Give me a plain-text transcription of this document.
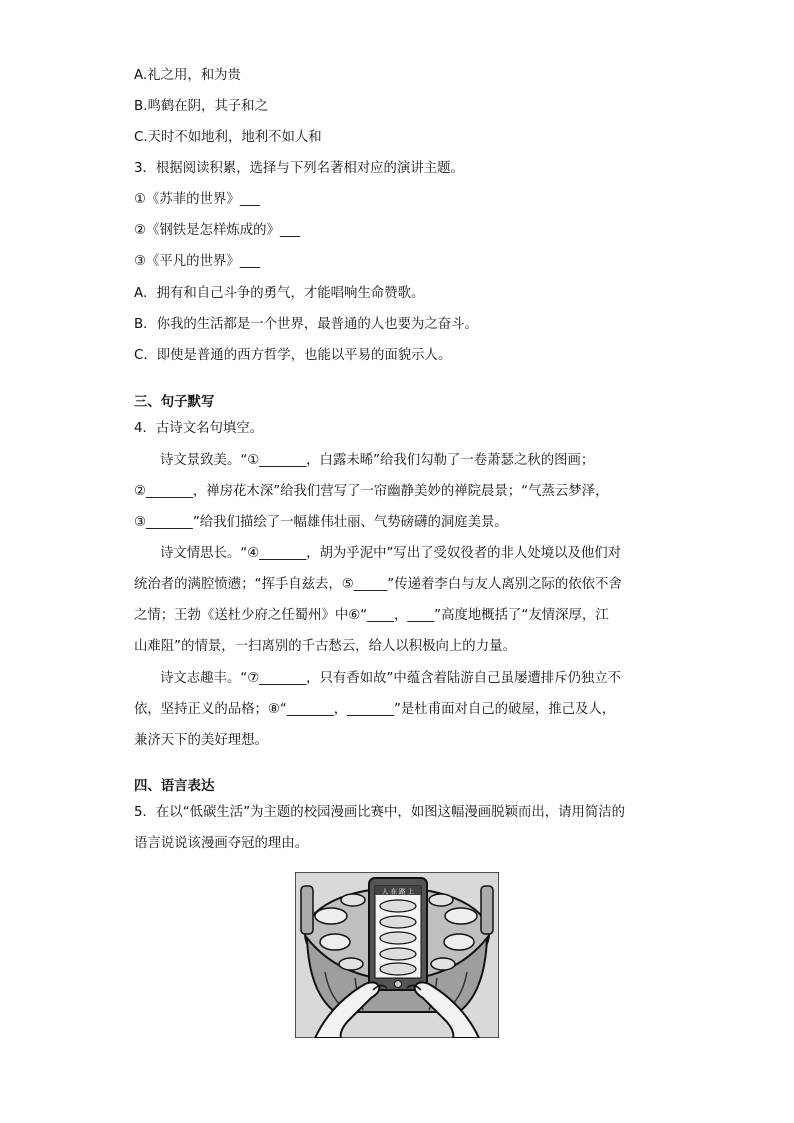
A.礼之用，和为贵
B.鸣鹤在阴，其子和之
C.天时不如地利，地利不如人和
3．根据阅读积累，选择与下列名著相对应的演讲主题。
①《苏菲的世界》___
②《钢铁是怎样炼成的》___
③《平凡的世界》___
A．拥有和自己斗争的勇气，才能唱响生命赞歌。
B．你我的生活都是一个世界，最普通的人也要为之奋斗。
C．即使是普通的西方哲学，也能以平易的面貌示人。
三、句子默写
4．古诗文名句填空。
诗文景致美。“①_______，白露未晞”给我们勾勒了一卷萧瑟之秋的图画；
②_______，禅房花木深”给我们营写了一帘幽静美妙的禅院晨景；“气蒸云梦泽，
③_______”给我们描绘了一幅雄伟壮丽、气势磅礴的洞庭美景。
诗文情思长。“④_______，胡为乎泥中”写出了受奴役者的非人处境以及他们对
统治者的满腔愤懑；“挥手自兹去，⑤_____”传递着李白与友人离别之际的依依不舍
之情；王勃《送杜少府之任蜀州》中⑥“____，____”高度地概括了“友情深厚，江
山难阻”的情景，一扫离别的千古愁云，给人以积极向上的力量。
诗文志趣丰。“⑦_______，只有香如故”中蕴含着陆游自己虽屡遭排斥仍独立不
依，坚持正义的品格；⑧“_______，_______”是杜甫面对自己的破屋，推己及人，
兼济天下的美好理想。
四、语言表达
5．在以“低碳生活”为主题的校园漫画比赛中，如图这幅漫画脱颖而出，请用简洁的
语言说说该漫画夺冠的理由。
人 在 路 上
